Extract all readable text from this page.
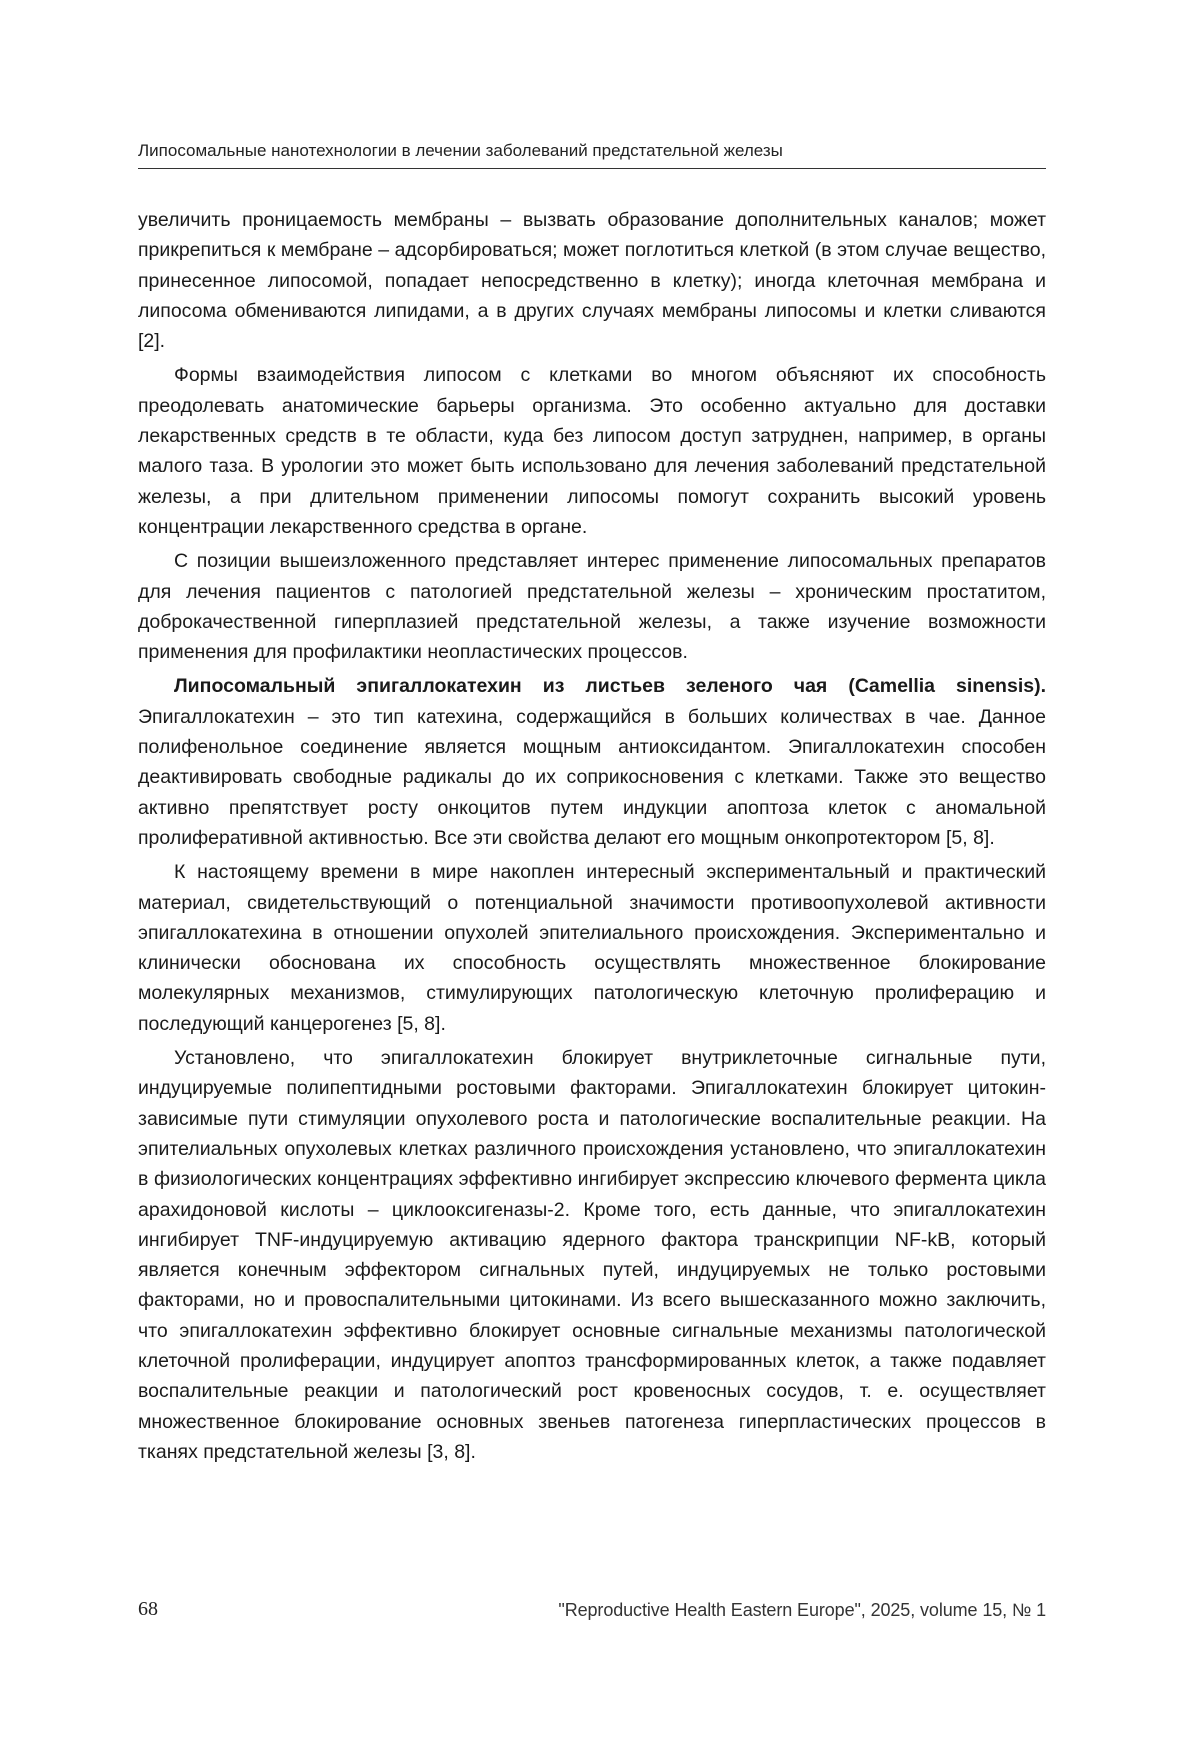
Липосомальные нанотехнологии в лечении заболеваний предстательной железы

увеличить проницаемость мембраны – вызвать образование дополнительных каналов; может прикрепиться к мембране – адсорбироваться; может поглотиться клеткой (в этом случае вещество, принесенное липосомой, попадает непосредственно в клетку); иногда клеточная мембрана и липосома обмениваются липидами, а в других случаях мембраны липосомы и клетки сливаются [2].

Формы взаимодействия липосом с клетками во многом объясняют их способность преодолевать анатомические барьеры организма. Это особенно актуально для доставки лекарственных средств в те области, куда без липосом доступ затруднен, например, в органы малого таза. В урологии это может быть использовано для лечения заболеваний предстательной железы, а при длительном применении липосомы помогут сохранить высокий уровень концентрации лекарственного средства в органе.

С позиции вышеизложенного представляет интерес применение липосомальных препаратов для лечения пациентов с патологией предстательной железы – хроническим простатитом, доброкачественной гиперплазией предстательной железы, а также изучение возможности применения для профилактики неопластических процессов.

Липосомальный эпигаллокатехин из листьев зеленого чая (Camellia sinensis). Эпигаллокатехин – это тип катехина, содержащийся в больших количествах в чае. Данное полифенольное соединение является мощным антиоксидантом. Эпигаллокатехин способен деактивировать свободные радикалы до их соприкосновения с клетками. Также это вещество активно препятствует росту онкоцитов путем индукции апоптоза клеток с аномальной пролиферативной активностью. Все эти свойства делают его мощным онкопротектором [5, 8].

К настоящему времени в мире накоплен интересный экспериментальный и практический материал, свидетельствующий о потенциальной значимости противоопухолевой активности эпигаллокатехина в отношении опухолей эпителиального происхождения. Экспериментально и клинически обоснована их способность осуществлять множественное блокирование молекулярных механизмов, стимулирующих патологическую клеточную пролиферацию и последующий канцерогенез [5, 8].

Установлено, что эпигаллокатехин блокирует внутриклеточные сигнальные пути, индуцируемые полипептидными ростовыми факторами. Эпигаллокатехин блокирует цитокин-зависимые пути стимуляции опухолевого роста и патологические воспалительные реакции. На эпителиальных опухолевых клетках различного происхождения установлено, что эпигаллокатехин в физиологических концентрациях эффективно ингибирует экспрессию ключевого фермента цикла арахидоновой кислоты – циклооксигеназы-2. Кроме того, есть данные, что эпигаллокатехин ингибирует TNF-индуцируемую активацию ядерного фактора транскрипции NF-kB, который является конечным эффектором сигнальных путей, индуцируемых не только ростовыми факторами, но и провоспалительными цитокинами. Из всего вышесказанного можно заключить, что эпигаллокатехин эффективно блокирует основные сигнальные механизмы патологической клеточной пролиферации, индуцирует апоптоз трансформированных клеток, а также подавляет воспалительные реакции и патологический рост кровеносных сосудов, т. е. осуществляет множественное блокирование основных звеньев патогенеза гиперпластических процессов в тканях предстательной железы [3, 8].

68	"Reproductive Health Eastern Europe", 2025, volume 15, № 1
